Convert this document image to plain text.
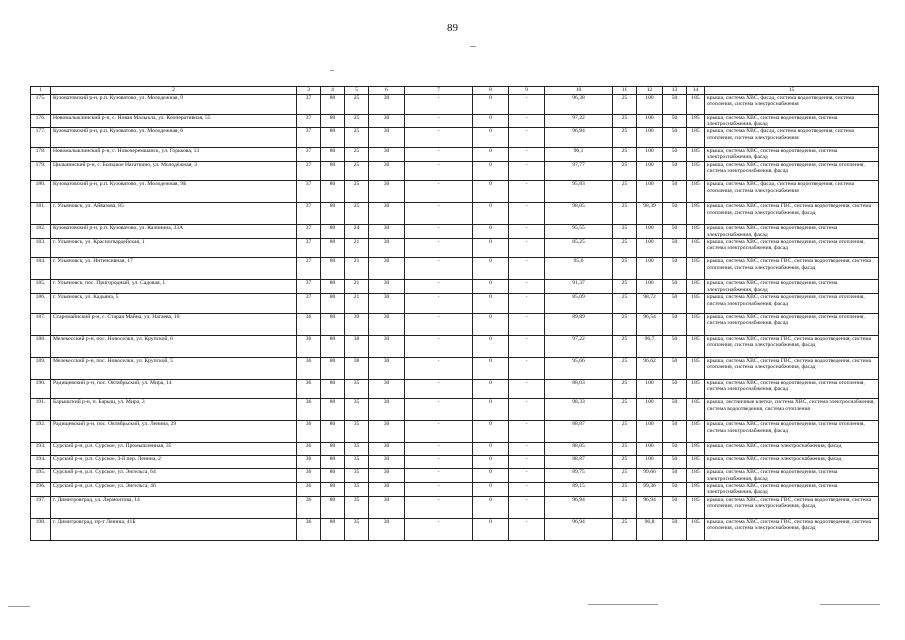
89
1	2	3	4	5	6	7	8	9	10	11	12	13	14	15
175.	Кузоватовский р-н, р.п. Кузоватово, ул. Молодежная, 9	37	80	25	30	-	0	-	96,38	25	100	50	185	крыша, система ХВС, фасад, система водоотведения, система отопления, система электроснабжения
176.	Новомалыклинский р-н, с. Новая Малыкла, ул. Кооперативная, 55	37	80	25	30	-	0	-	97,22	25	100	50	185	крыша, система ХВС, система водоотведения, система электроснабжения, фасад
177.	Кузоватовский р-н, р.п. Кузоватово, ул. Молодежная, 6	37	80	25	30	-	0	-	96,94	25	100	50	185	крыша, система ХВС, фасад, система водоотведения, система отопления, система электроснабжения
178.	Новомалыклинский р-н, с. Новочеремшанск, ул. Горькова, 13	37	80	25	30	-	0	-	96,1	25	100	50	185	крыша, система ХВС, система водоотведения, система электроснабжения, фасад
179.	Цильнинский р-н, с. Большое Нагаткино, ул. Молодёжная, 3	37	80	25	30	-	0	-	97,77	25	100	50	185	крыша, система ХВС, система водоотведения, система отопления, система электроснабжения, фасад
180.	Кузоватовский р-н, р.п. Кузоватово, ул. Молодежная, 9Б	37	80	25	30	-	0	-	95,83	25	100	50	185	крыша, система ХВС, фасад, система водоотведения, система отопления, система электроснабжения
181.	г. Ульяновск, ул. Айвазова, 85	37	80	25	30	-	0	-	98,05	25	98,39	50	185	крыша, система ХВС, система ГВС, система водоотведения, система отопления, система электроснабжения, фасад
182.	Кузоватовский р-н, р.п. Кузоватово, ул. Калинина, 33А	37	80	24	30	-	0	-	95,55	25	100	50	185	крыша, система ХВС, система водоотведения, система электроснабжения, фасад
183.	г. Ульяновск, ул. Красногвардейская, 1	37	80	21	30	-	0	-	85,25	25	100	50	185	крыша, система ХВС, система водоотведения, система отопления, система электроснабжения, фасад
184.	г. Ульяновск, ул. Интенсивная, 17	37	80	21	30	-	0	-	95,6	25	100	50	185	крыша, система ХВС, система ГВС, система водоотведения, система отопления, система электроснабжения, фасад
185.	г. Ульяновск, пос. Пригородный, ул. Садовая, 1	37	80	21	30	-	0	-	91,37	25	100	50	185	крыша, система ХВС, система водоотведения, система электроснабжения, фасад
186.	г. Ульяновск, ул. Кадьяна, 5	37	80	21	30	-	0	-	85,09	25	98,72	50	185	крыша, система ХВС, система водоотведения, система отопления, система электроснабжения, фасад
187.	Старомайнский р-н, с. Старая Майна, ул. Нагаева, 10	36	80	39	30	-	0	-	89,89	25	96,54	50	185	крыша, система ХВС, система водоотведения, система отопления, система электроснабжения, фасад
188.	Мелекесский р-н, пос. Новоселки, ул. Крупской, 6	36	80	38	30	-	0	-	97,22	25	96,7	50	185	крыша, система ХВС, система ГВС, система водоотведения, система отопления, система электроснабжения, фасад
189.	Мелекесский р-н, пос. Новоселки, ул. Крупской, 5	36	80	38	30	-	0	-	95,66	25	96,62	50	185	крыша, система ХВС, система ГВС, система водоотведения, система отопления, система электроснабжения, фасад
190.	Радищевский р-н, пос. Октябрьский, ул. Мира, 14	36	80	35	30	-	0	-	88,03	25	100	50	185	крыша, система ХВС, система водоотведения, система отопления, система электроснабжения, фасад
191.	Барышский р-н, п. Барыш, ул. Мира, 3	36	80	35	30	-	0	-	98,33	25	100	50	185	крыша, лестничные клетки, система ХВС, система электроснабжения, система водоотведения, система отопления
192.	Радищевский р-н, пос. Октябрьский, ул. Ленина, 29	36	80	35	30	-	0	-	88,87	25	100	50	185	крыша, система ХВС, система водоотведения, система отопления, система электроснабжения, фасад
193.	Сурский р-н, р.п. Сурское, ул. Промышленная, 35	36	80	35	30	-	0	-	88,05	25	100	50	185	крыша, система ХВС, система электроснабжения, фасад
194.	Сурский р-н, р.п. Сурское, 3-й пер. Ленина, 2	36	80	35	30	-	0	-	88,87	25	100	50	185	крыша, система ХВС, система электроснабжения, фасад
195.	Сурский р-н, р.п. Сурское, ул. Энгельса, 64	36	80	35	30	-	0	-	89,75	25	99,66	50	185	крыша, система ХВС, система водоотведения, система электроснабжения, фасад
196.	Сурский р-н, р.п. Сурское, ул. Энгельса, 46	36	80	35	30	-	0	-	89,15	25	99,36	50	185	крыша, система ХВС, система водоотведения, система электроснабжения, фасад
197.	г. Димитровград, ул. Лермонтова, 14	36	80	35	30	-	0	-	96,94	25	96,94	50	185	крыша, система ХВС, система ГВС, система водоотведения, система отопления, система электроснабжения, фасад
198.	г. Димитровград, пр-т Ленина, 41Б	36	80	35	30	-	0	-	96,94	25	96,8	50	185	крыша, система ХВС, система ГВС, система водоотведения, система отопления, система электроснабжения, фасад
